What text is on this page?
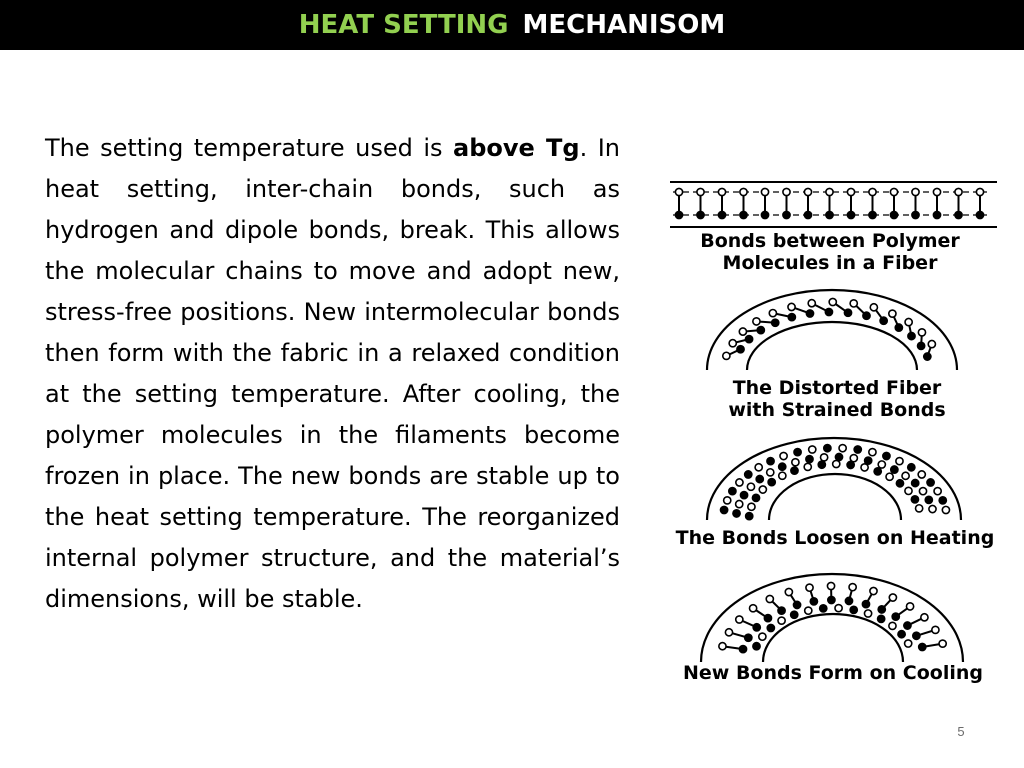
HEAT SETTING MECHANISOM

The setting temperature used is above Tg. In heat setting, inter-chain bonds, such as hydrogen and dipole bonds, break. This allows the molecular chains to move and adopt new, stress-free positions. New intermolecular bonds then form with the fabric in a relaxed condition at the setting temperature. After cooling, the polymer molecules in the filaments become frozen in place. The new bonds are stable up to the heat setting temperature. The reorganized internal polymer structure, and the material’s dimensions, will be stable.

Bonds between Polymer
Molecules in a Fiber
The Distorted Fiber
with Strained Bonds
The Bonds Loosen on Heating
New Bonds Form on Cooling
5
